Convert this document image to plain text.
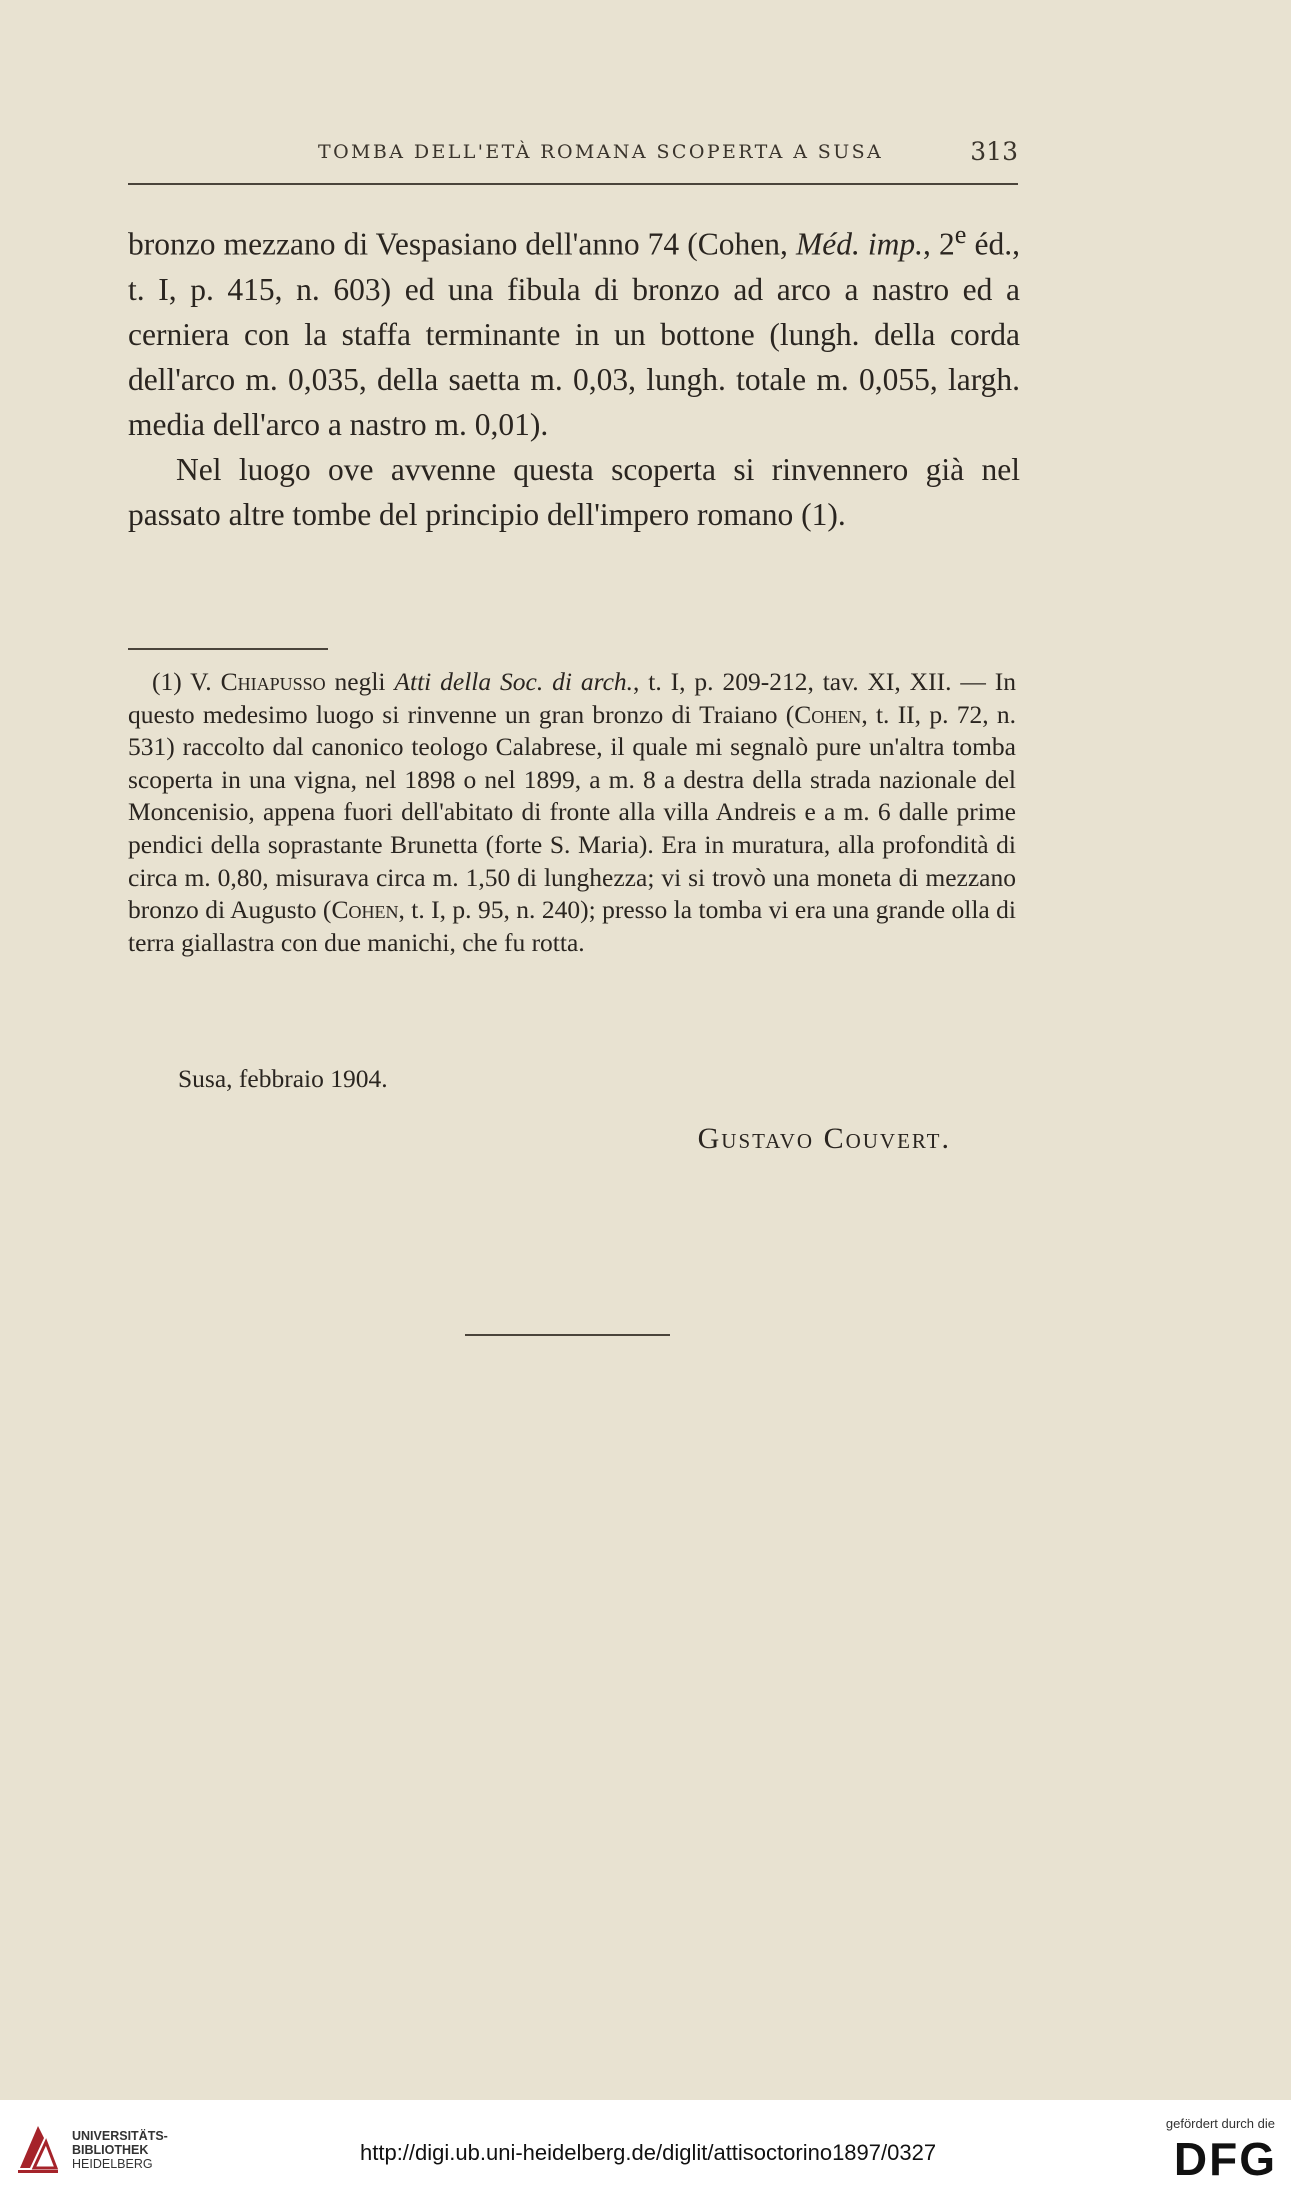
TOMBA DELL'ETÀ ROMANA SCOPERTA A SUSA	313

bronzo mezzano di Vespasiano dell'anno 74 (Cohen, Méd. imp., 2e éd., t. I, p. 415, n. 603) ed una fibula di bronzo ad arco a nastro ed a cerniera con la staffa terminante in un bottone (lungh. della corda dell'arco m. 0,035, della saetta m. 0,03, lungh. totale m. 0,055, largh. media dell'arco a nastro m. 0,01).

Nel luogo ove avvenne questa scoperta si rinvennero già nel passato altre tombe del principio dell'impero romano (1).

(1) V. Chiapusso negli Atti della Soc. di arch., t. I, p. 209-212, tav. XI, XII. — In questo medesimo luogo si rinvenne un gran bronzo di Traiano (Cohen, t. II, p. 72, n. 531) raccolto dal canonico teologo Calabrese, il quale mi segnalò pure un'altra tomba scoperta in una vigna, nel 1898 o nel 1899, a m. 8 a destra della strada nazionale del Moncenisio, appena fuori dell'abitato di fronte alla villa Andreis e a m. 6 dalle prime pendici della soprastante Brunetta (forte S. Maria). Era in muratura, alla profondità di circa m. 0,80, misurava circa m. 1,50 di lunghezza; vi si trovò una moneta di mezzano bronzo di Augusto (Cohen, t. I, p. 95, n. 240); presso la tomba vi era una grande olla di terra giallastra con due manichi, che fu rotta.

Susa, febbraio 1904.
Gustavo Couvert.
UNIVERSITÄTS-
BIBLIOTHEK
HEIDELBERG	http://digi.ub.uni-heidelberg.de/diglit/attisoctorino1897/0327
gefördert durch die
DFG
